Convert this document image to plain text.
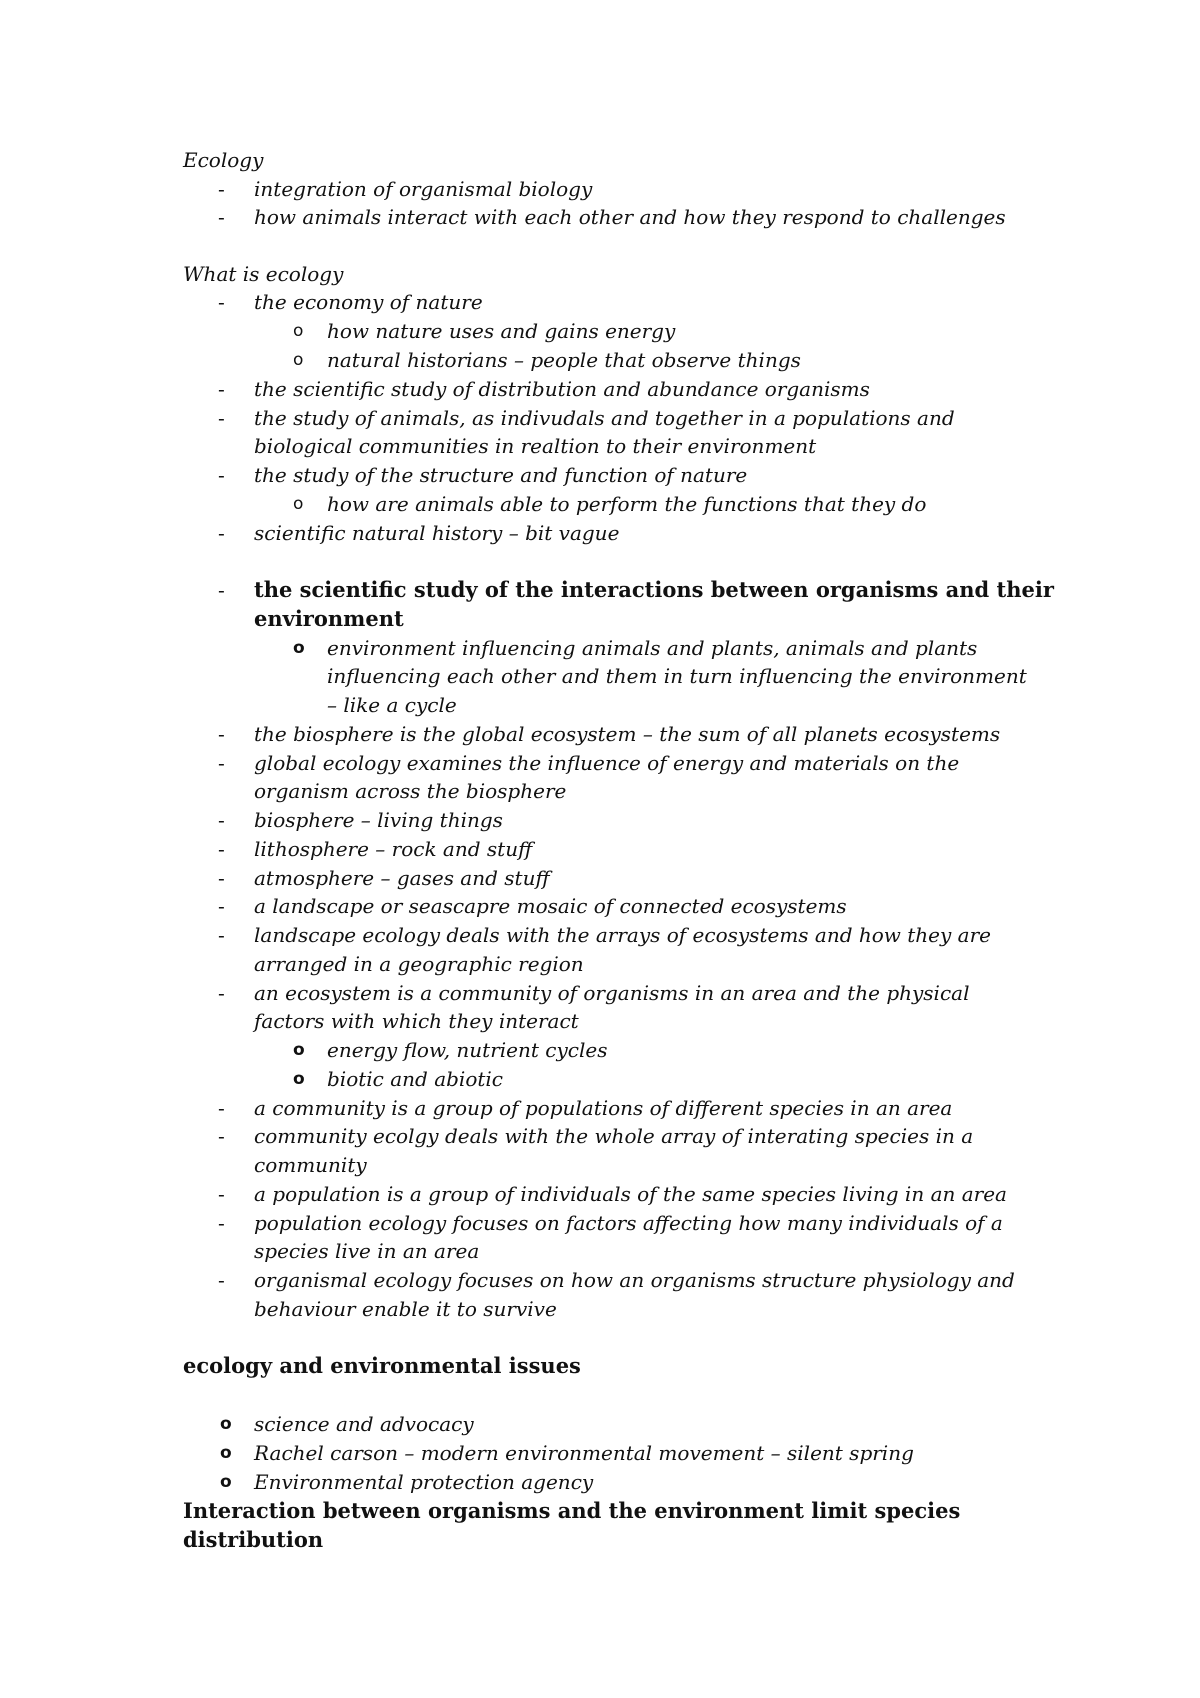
Ecology
- integration of organismal biology
- how animals interact with each other and how they respond to challenges
What is ecology
- the economy of nature
o how nature uses and gains energy
o natural historians – people that observe things
- the scientific study of distribution and abundance organisms
- the study of animals, as indivudals and together in a populations and
biological communities in realtion to their environment
- the study of the structure and function of nature
o how are animals able to perform the functions that they do
- scientific natural history – bit vague
- the scientific study of the interactions between organisms and their
environment
o environment influencing animals and plants, animals and plants
influencing each other and them in turn influencing the environment
– like a cycle
- the biosphere is the global ecosystem – the sum of all planets ecosystems
- global ecology examines the influence of energy and materials on the
organism across the biosphere
- biosphere – living things
- lithosphere – rock and stuff
- atmosphere – gases and stuff
- a landscape or seascapre mosaic of connected ecosystems
- landscape ecology deals with the arrays of ecosystems and how they are
arranged in a geographic region
- an ecosystem is a community of organisms in an area and the physical
factors with which they interact
o energy flow, nutrient cycles
o biotic and abiotic
- a community is a group of populations of different species in an area
- community ecolgy deals with the whole array of interating species in a
community
- a population is a group of individuals of the same species living in an area
- population ecology focuses on factors affecting how many individuals of a
species live in an area
- organismal ecology focuses on how an organisms structure physiology and
behaviour enable it to survive
ecology and environmental issues
o science and advocacy
o Rachel carson – modern environmental movement – silent spring
o Environmental protection agency
Interaction between organisms and the environment limit species
distribution
